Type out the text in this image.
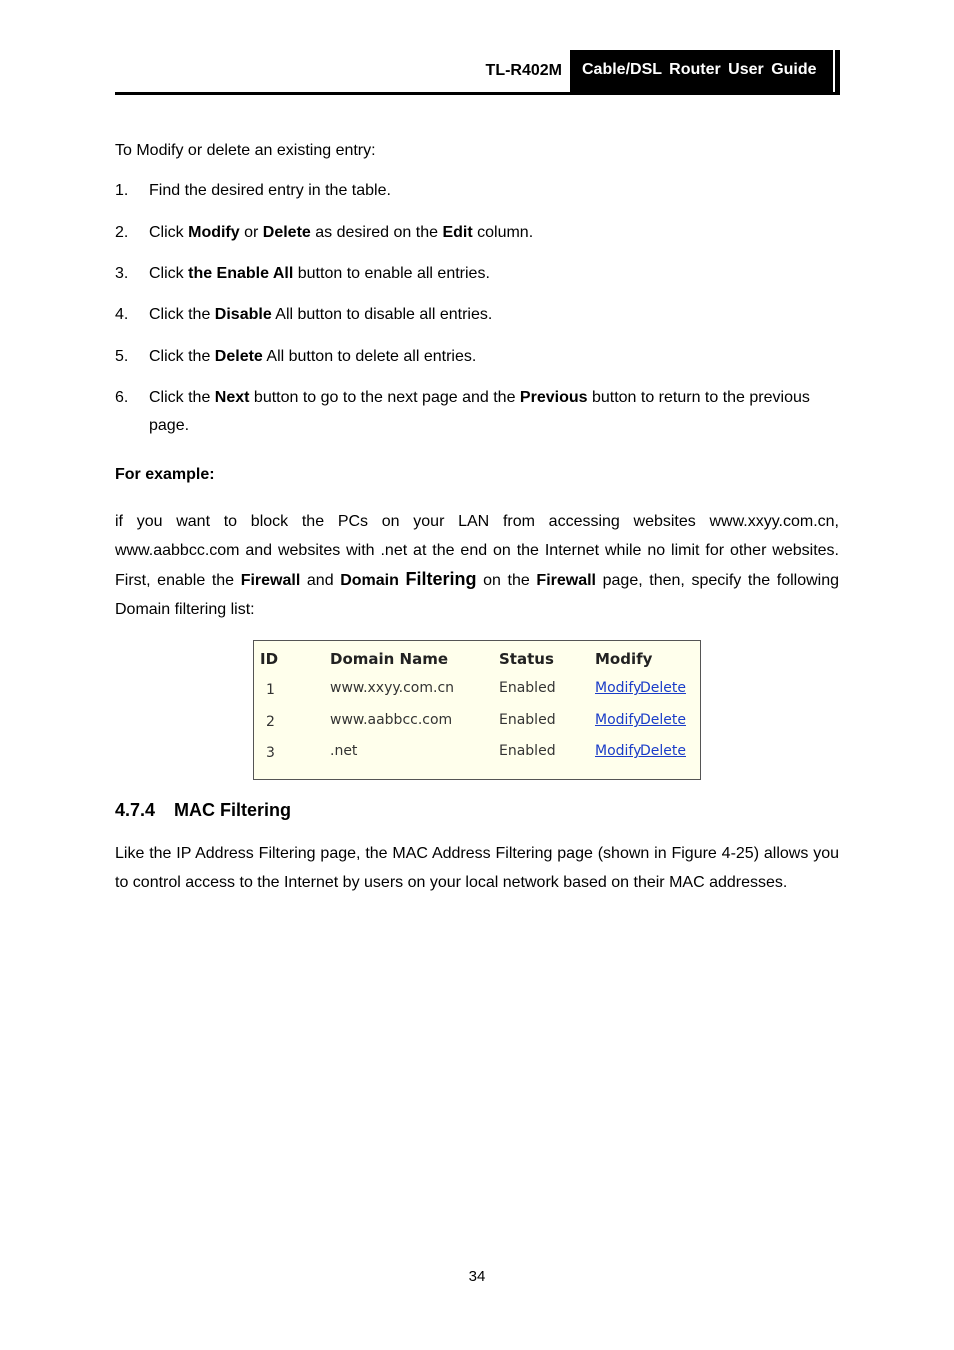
TL-R402M	Cable/DSL Router User Guide
To Modify or delete an existing entry:
1. Find the desired entry in the table.
2. Click Modify or Delete as desired on the Edit column.
3. Click the Enable All button to enable all entries.
4. Click the Disable All button to disable all entries.
5. Click the Delete All button to delete all entries.
6. Click the Next button to go to the next page and the Previous button to return to the previous page.
For example:
if you want to block the PCs on your LAN from accessing websites www.xxyy.com.cn, www.aabbcc.com and websites with .net at the end on the Internet while no limit for other websites. First, enable the Firewall and Domain Filtering on the Firewall page, then, specify the following Domain filtering list:
ID	Domain Name	Status	Modify
1	www.xxyy.com.cn	Enabled	Modify
Delete
2	www.aabbcc.com	Enabled	Modify
Delete
3	.net	Enabled	Modify
Delete
4.7.4 MAC Filtering
Like the IP Address Filtering page, the MAC Address Filtering page (shown in Figure 4-25) allows you to control access to the Internet by users on your local network based on their MAC addresses.
34
